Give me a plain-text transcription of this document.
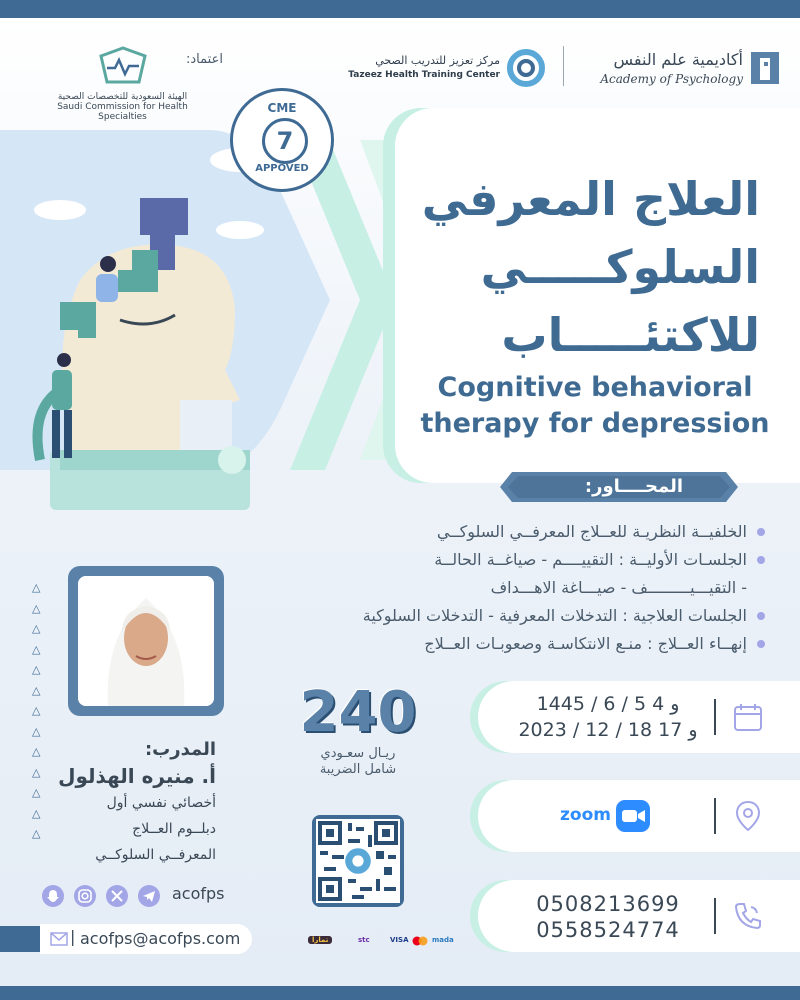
اعتماد:
الهيئة السعودية للتخصصات الصحية
Saudi Commission for Health Specialties
مركز تعزيز للتدريب الصحي
Tazeez Health Training Center
أكاديمية علم النفس
Academy of Psychology
CME
7
APPOVED
العلاج المعرفي
السلوكـــــي
للاكتئـــــاب
Cognitive behavioral
therapy for depression
المحــــاور:
الخلفيــة النظريـة للعــلاج المعرفــي السلوكــي
الجلسـات الأوليــة : التقييــــم - صياغــة الحالــة
- التقيـــيـــــــــف - صيـــاغة الاهـــداف
الجلسات العلاجية : التدخلات المعرفية - التدخلات السلوكية
إنهــاء العــلاج : منـع الانتكاسـة وصعوبـات العــلاج
△
△
△
△
△
△
△
△
△
△
△
△
△
المدرب:
أ. منيره الهذلول
أخصائي نفسي أول
دبلــوم العــلاج
المعرفــي السلوكــي
240
ريـال سعـودي
شامل الضريبة
1445 / 6 / 5 و 4
2023 / 12 / 18 و 17
zoom
0508213699
0558524774
acofps
| acofps@acofps.com	تمارا	stc	VISA	mada
